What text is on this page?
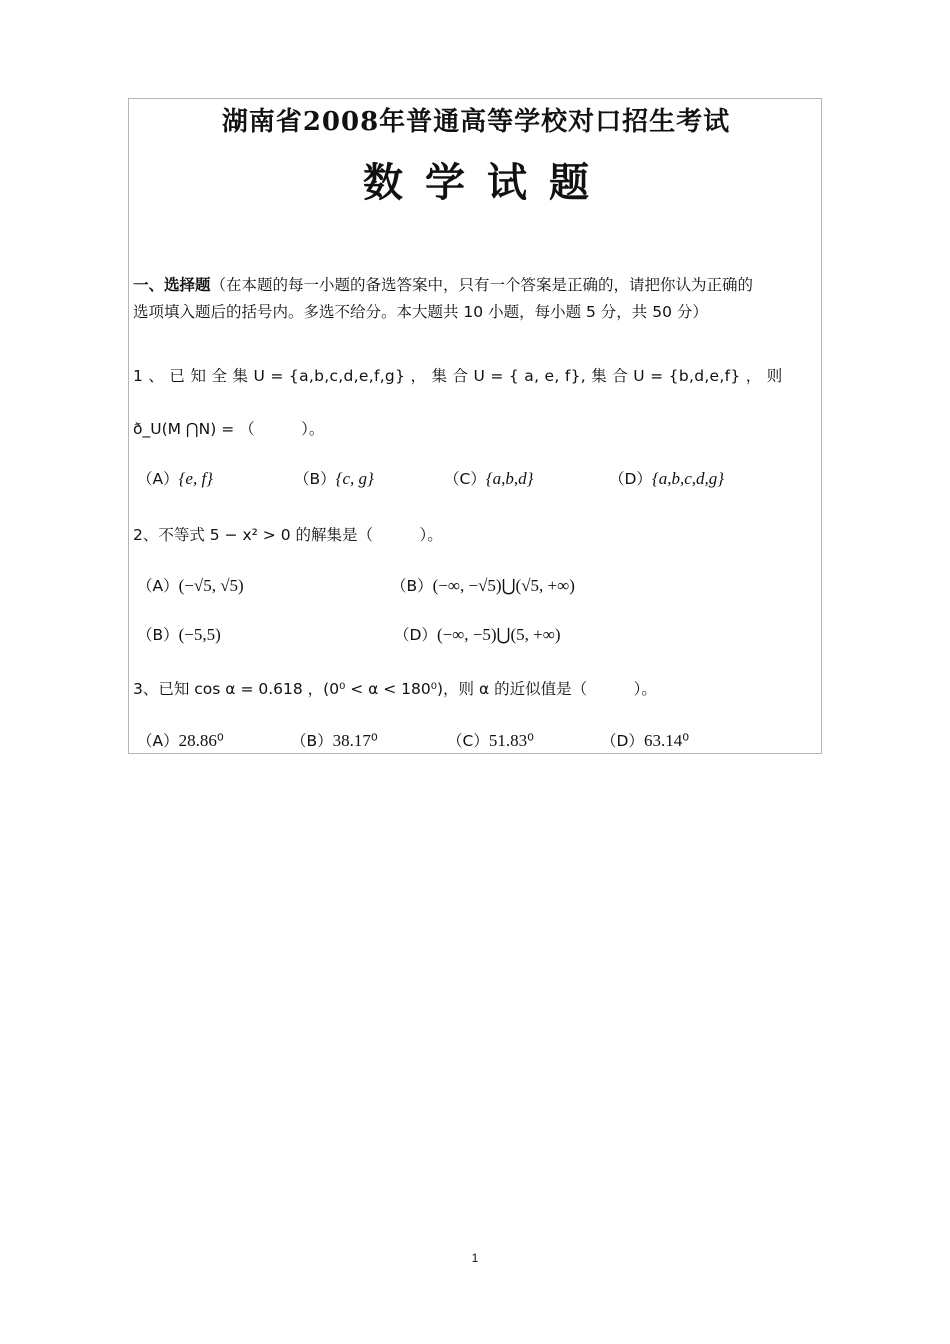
湖南省2008年普通高等学校对口招生考试
数学试题
一、选择题（在本题的每一小题的备选答案中，只有一个答案是正确的，请把你认为正确的
选项填入题后的括号内。多选不给分。本大题共 10 小题，每小题 5 分，共 50 分）
1 、 已 知 全 集 U = {a,b,c,d,e,f,g} ， 集 合 U = { a, e, f}, 集 合 U = {b,d,e,f} ， 则
ð_U(M ⋂N) = （　　　）。
（A）{e, f}	（B）{c, g}	（C）{a,b,d}	（D）{a,b,c,d,g}
2、不等式 5 − x² > 0 的解集是（　　　）。
（A）(−√5, √5)	（B）(−∞, −√5)⋃(√5, +∞)
（B）(−5,5)	（D）(−∞, −5)⋃(5, +∞)
3、已知 cos α = 0.618 ，(0⁰ < α < 180⁰)，则 α 的近似值是（　　　）。
（A）28.86⁰	（B）38.17⁰	（C）51.83⁰	（D）63.14⁰
1
